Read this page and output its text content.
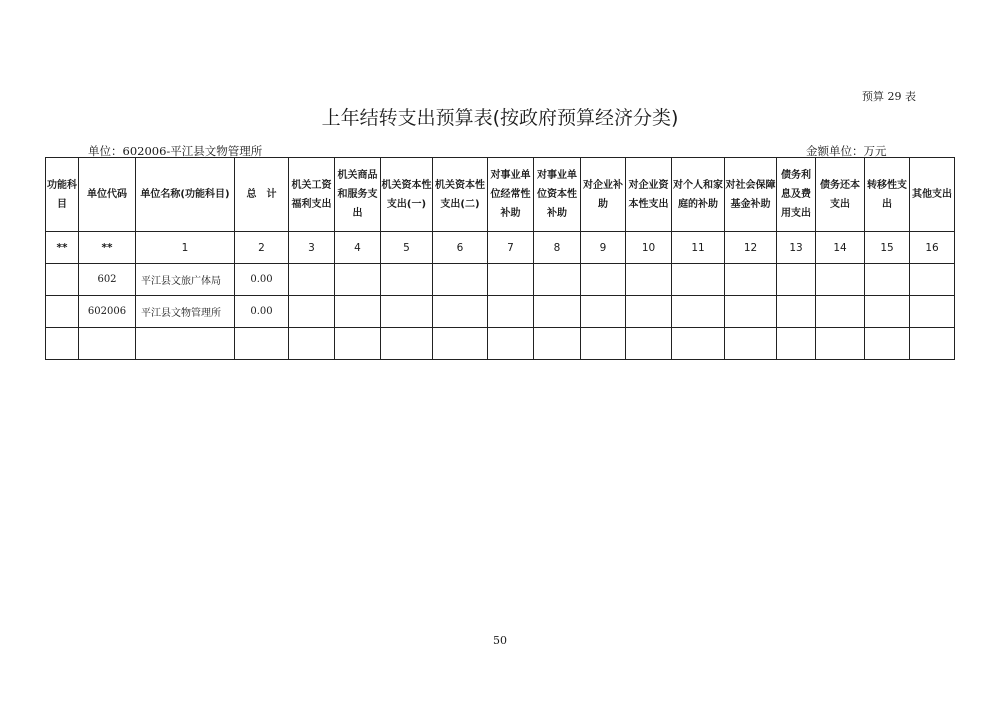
预算 29 表
上年结转支出预算表(按政府预算经济分类)
单位：602006-平江县文物管理所	金额单位：万元
功能科目	单位代码	单位名称(功能科目)	总　计	机关工资福利支出	机关商品和服务支出	机关资本性支出(一)	机关资本性支出(二)	对事业单位经常性补助	对事业单位资本性补助	对企业补助	对企业资本性支出	对个人和家庭的补助	对社会保障基金补助	债务利息及费用支出	债务还本支出	转移性支出	其他支出
**	**	1	2	3	4	5	6	7	8	9	10	11	12	13	14	15	16
	602	平江县文旅广体局	0.00														
	602006	平江县文物管理所	0.00														

50
